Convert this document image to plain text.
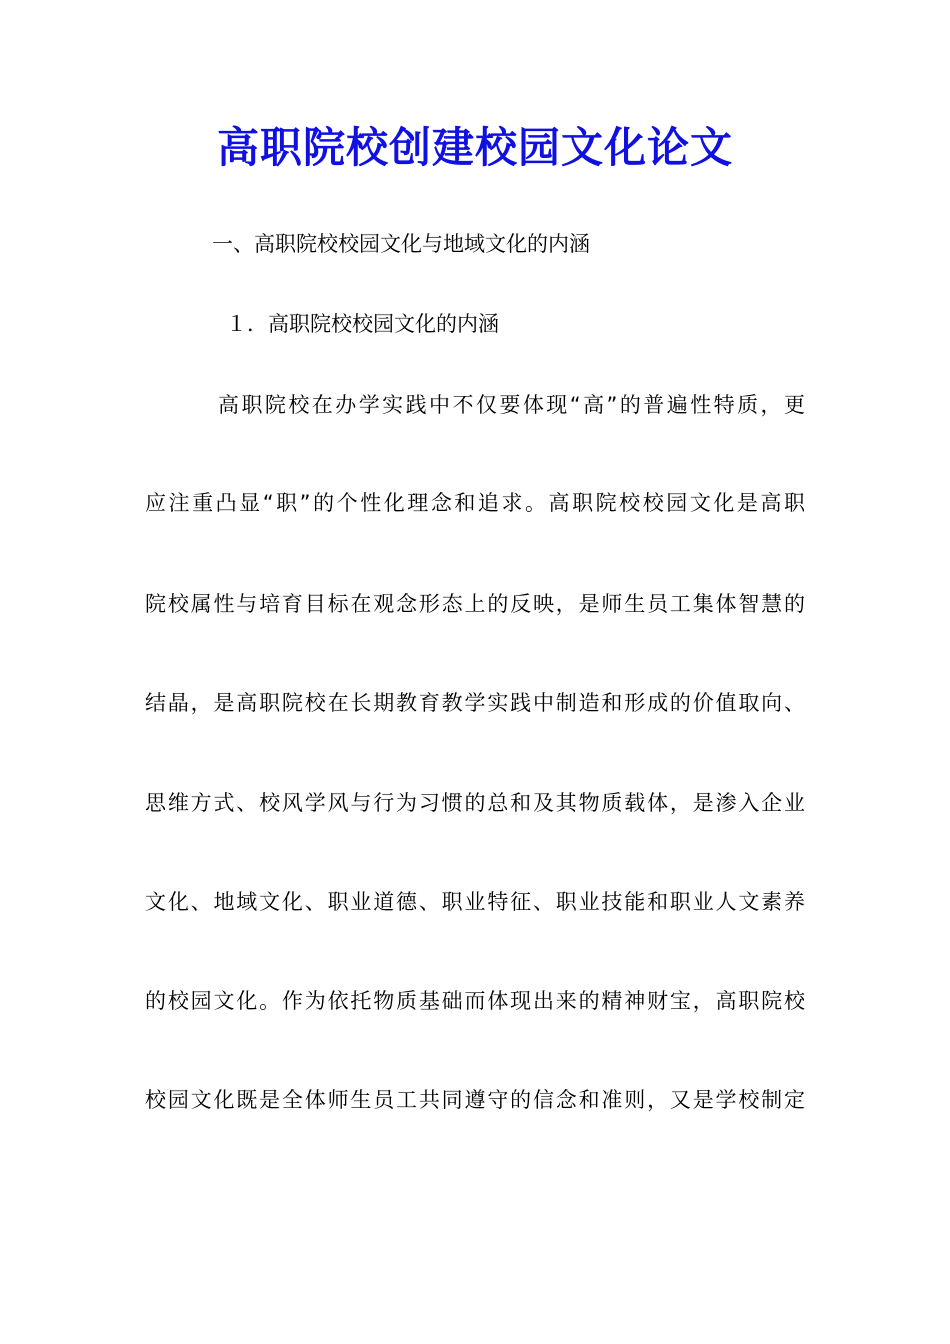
高职院校创建校园文化论文
一、高职院校校园文化与地域文化的内涵
１．高职院校校园文化的内涵
高职院校在办学实践中不仅要体现“高”的普遍性特质，更
应注重凸显“职”的个性化理念和追求。高职院校校园文化是高职
院校属性与培育目标在观念形态上的反映，是师生员工集体智慧的
结晶，是高职院校在长期教育教学实践中制造和形成的价值取向、
思维方式、校风学风与行为习惯的总和及其物质载体，是渗入企业
文化、地域文化、职业道德、职业特征、职业技能和职业人文素养
的校园文化。作为依托物质基础而体现出来的精神财宝，高职院校
校园文化既是全体师生员工共同遵守的信念和准则，又是学校制定
